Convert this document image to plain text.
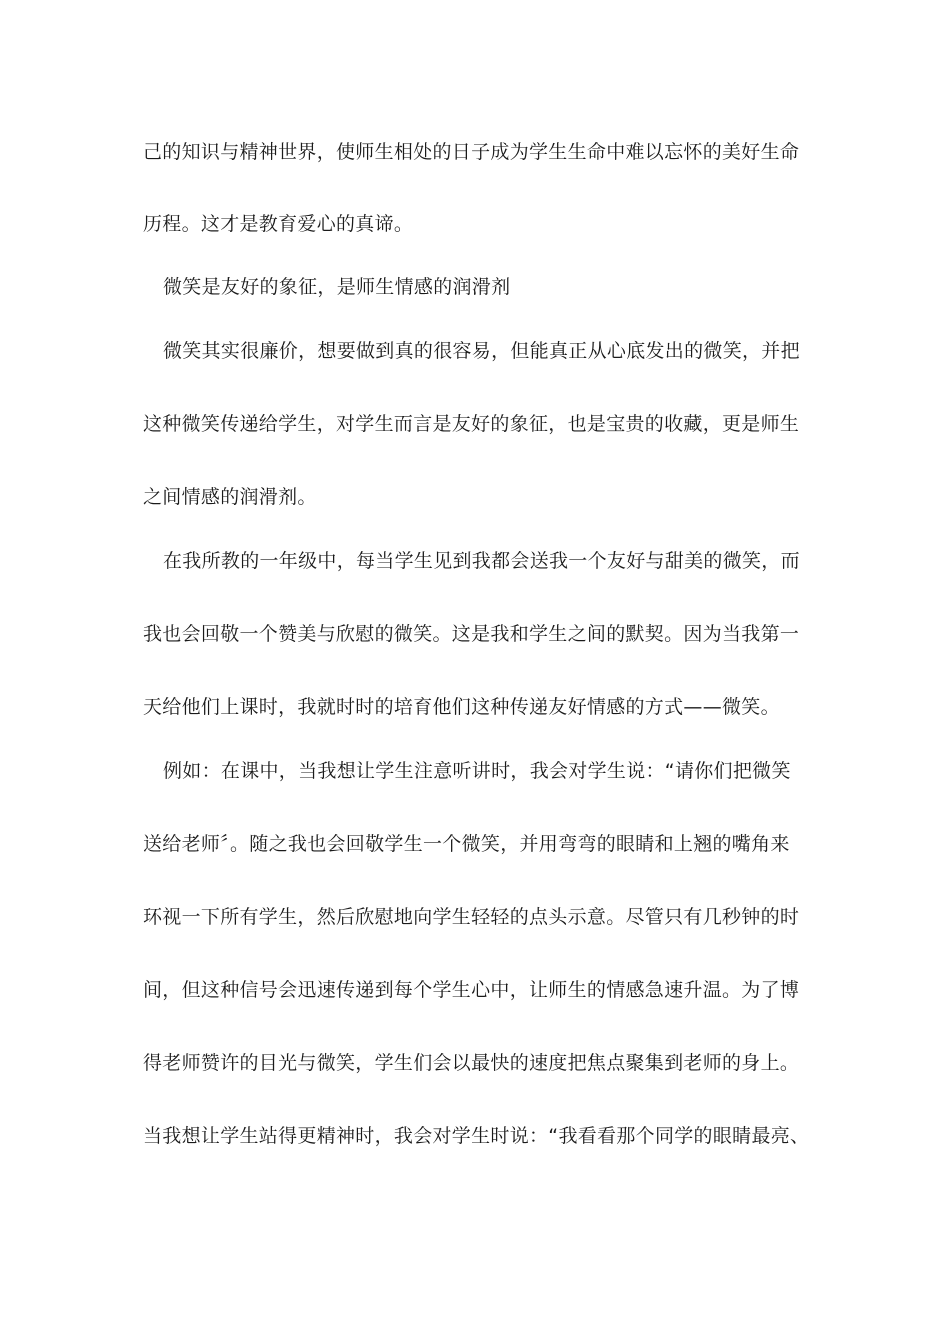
己的知识与精神世界，使师生相处的日子成为学生生命中难以忘怀的美好生命
历程。这才是教育爱心的真谛。
微笑是友好的象征，是师生情感的润滑剂
微笑其实很廉价，想要做到真的很容易，但能真正从心底发出的微笑，并把
这种微笑传递给学生，对学生而言是友好的象征，也是宝贵的收藏，更是师生
之间情感的润滑剂。
在我所教的一年级中，每当学生见到我都会送我一个友好与甜美的微笑，而
我也会回敬一个赞美与欣慰的微笑。这是我和学生之间的默契。因为当我第一
天给他们上课时，我就时时的培育他们这种传递友好情感的方式——微笑。
例如：在课中，当我想让学生注意听讲时，我会对学生说：“请你们把微笑
送给老师〞。随之我也会回敬学生一个微笑，并用弯弯的眼睛和上翘的嘴角来
环视一下所有学生，然后欣慰地向学生轻轻的点头示意。尽管只有几秒钟的时
间，但这种信号会迅速传递到每个学生心中，让师生的情感急速升温。为了博
得老师赞许的目光与微笑，学生们会以最快的速度把焦点聚集到老师的身上。
当我想让学生站得更精神时，我会对学生时说：“我看看那个同学的眼睛最亮、
